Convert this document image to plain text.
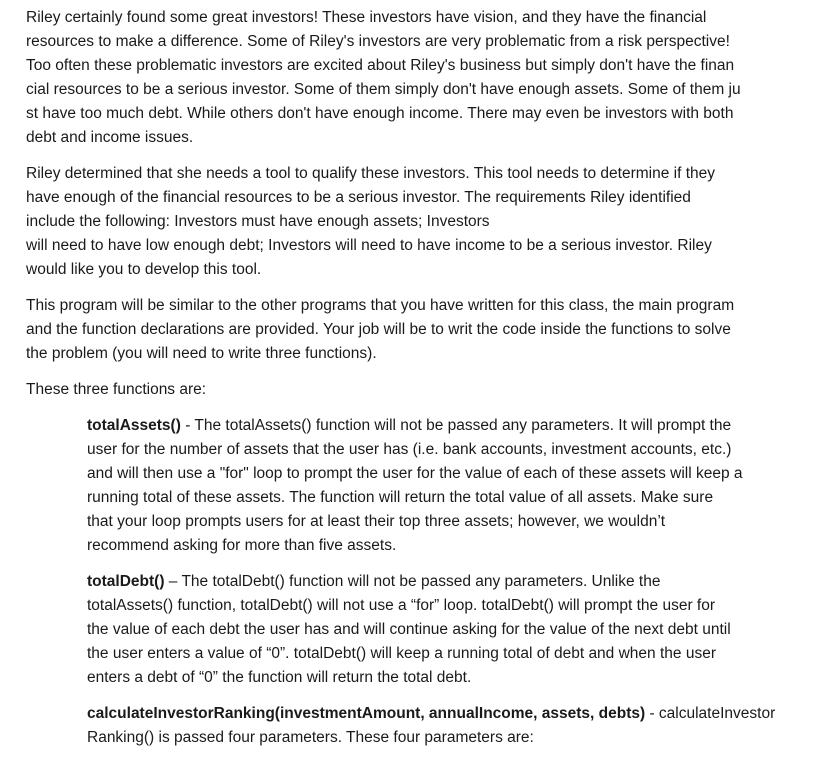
Riley certainly found some great investors! These investors have vision, and they have the financial
resources to make a difference. Some of Riley's investors are very problematic from a risk perspective!
Too often these problematic investors are excited about Riley's business but simply don't have the finan
cial resources to be a serious investor. Some of them simply don't have enough assets. Some of them ju
st have too much debt. While others don't have enough income. There may even be investors with both
debt and income issues.
Riley determined that she needs a tool to qualify these investors. This tool needs to determine if they
have enough of the financial resources to be a serious investor. The requirements Riley identified
include the following: Investors must have enough assets; Investors
will need to have low enough debt; Investors will need to have income to be a serious investor. Riley
would like you to develop this tool.
This program will be similar to the other programs that you have written for this class, the main program
and the function declarations are provided. Your job will be to writ the code inside the functions to solve
the problem (you will need to write three functions).
These three functions are:
totalAssets() - The totalAssets() function will not be passed any parameters. It will prompt the
user for the number of assets that the user has (i.e. bank accounts, investment accounts, etc.)
and will then use a "for" loop to prompt the user for the value of each of these assets will keep a
running total of these assets. The function will return the total value of all assets. Make sure
that your loop prompts users for at least their top three assets; however, we wouldn’t
recommend asking for more than five assets.
totalDebt() – The totalDebt() function will not be passed any parameters. Unlike the
totalAssets() function, totalDebt() will not use a “for” loop. totalDebt() will prompt the user for
the value of each debt the user has and will continue asking for the value of the next debt until
the user enters a value of “0”. totalDebt() will keep a running total of debt and when the user
enters a debt of “0” the function will return the total debt.
calculateInvestorRanking(investmentAmount, annualIncome, assets, debts) - calculateInvestor
Ranking() is passed four parameters. These four parameters are:
